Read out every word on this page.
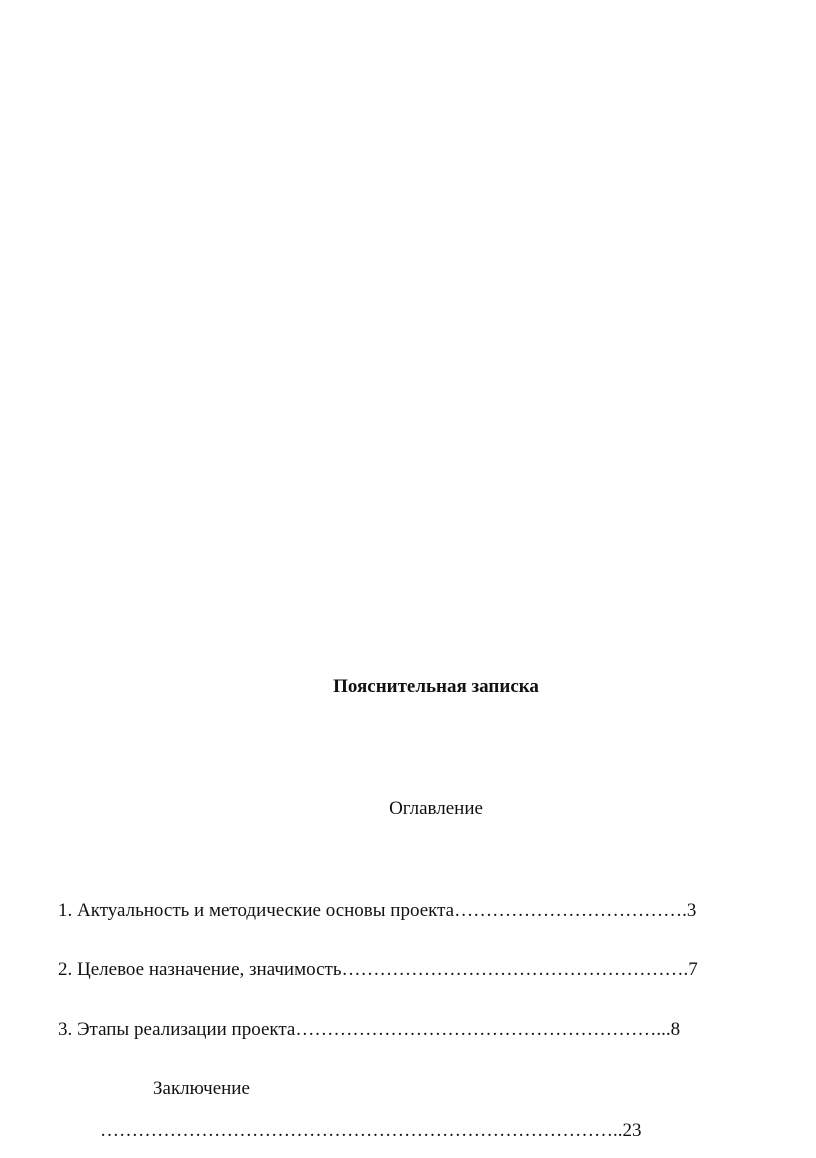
Пояснительная записка
Оглавление
1. Актуальность и методические основы проекта……………………………….3
2. Целевое назначение, значимость……………………………………………….7
3. Этапы реализации проекта…………………………………………………...8
Заключение
………………………………………………………………………..23
